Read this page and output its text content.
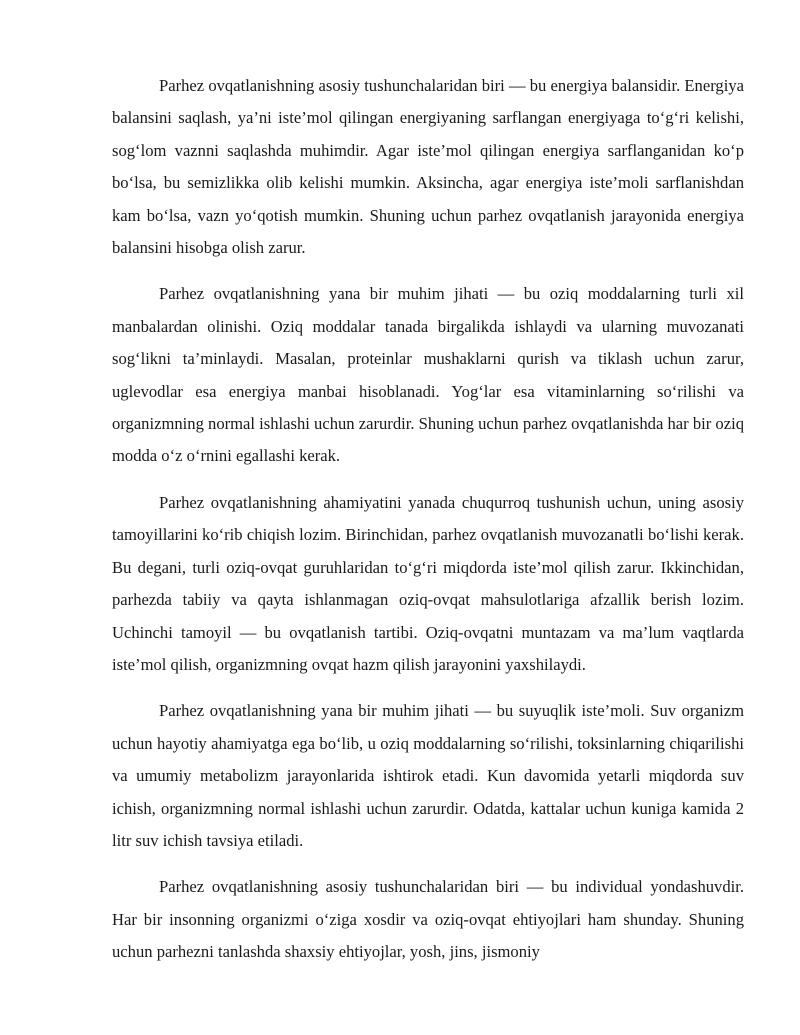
Parhez ovqatlanishning asosiy tushunchalaridan biri — bu energiya balansidir. Energiya balansini saqlash, ya’ni iste’mol qilingan energiyaning sarflangan energiyaga to‘g‘ri kelishi, sog‘lom vaznni saqlashda muhimdir. Agar iste’mol qilingan energiya sarflanganidan ko‘p bo‘lsa, bu semizlikka olib kelishi mumkin. Aksincha, agar energiya iste’moli sarflanishdan kam bo‘lsa, vazn yo‘qotish mumkin. Shuning uchun parhez ovqatlanish jarayonida energiya balansini hisobga olish zarur.

Parhez ovqatlanishning yana bir muhim jihati — bu oziq moddalarning turli xil manbalardan olinishi. Oziq moddalar tanada birgalikda ishlaydi va ularning muvozanati sog‘likni ta’minlaydi. Masalan, proteinlar mushaklarni qurish va tiklash uchun zarur, uglevodlar esa energiya manbai hisoblanadi. Yog‘lar esa vitaminlarning so‘rilishi va organizmning normal ishlashi uchun zarurdir. Shuning uchun parhez ovqatlanishda har bir oziq modda o‘z o‘rnini egallashi kerak.

Parhez ovqatlanishning ahamiyatini yanada chuqurroq tushunish uchun, uning asosiy tamoyillarini ko‘rib chiqish lozim. Birinchidan, parhez ovqatlanish muvozanatli bo‘lishi kerak. Bu degani, turli oziq-ovqat guruhlaridan to‘g‘ri miqdorda iste’mol qilish zarur. Ikkinchidan, parhezda tabiiy va qayta ishlanmagan oziq-ovqat mahsulotlariga afzallik berish lozim. Uchinchi tamoyil — bu ovqatlanish tartibi. Oziq-ovqatni muntazam va ma’lum vaqtlarda iste’mol qilish, organizmning ovqat hazm qilish jarayonini yaxshilaydi.

Parhez ovqatlanishning yana bir muhim jihati — bu suyuqlik iste’moli. Suv organizm uchun hayotiy ahamiyatga ega bo‘lib, u oziq moddalarning so‘rilishi, toksinlarning chiqarilishi va umumiy metabolizm jarayonlarida ishtirok etadi. Kun davomida yetarli miqdorda suv ichish, organizmning normal ishlashi uchun zarurdir. Odatda, kattalar uchun kuniga kamida 2 litr suv ichish tavsiya etiladi.

Parhez ovqatlanishning asosiy tushunchalaridan biri — bu individual yondashuvdir. Har bir insonning organizmi o‘ziga xosdir va oziq-ovqat ehtiyojlari ham shunday. Shuning uchun parhezni tanlashda shaxsiy ehtiyojlar, yosh, jins, jismoniy
